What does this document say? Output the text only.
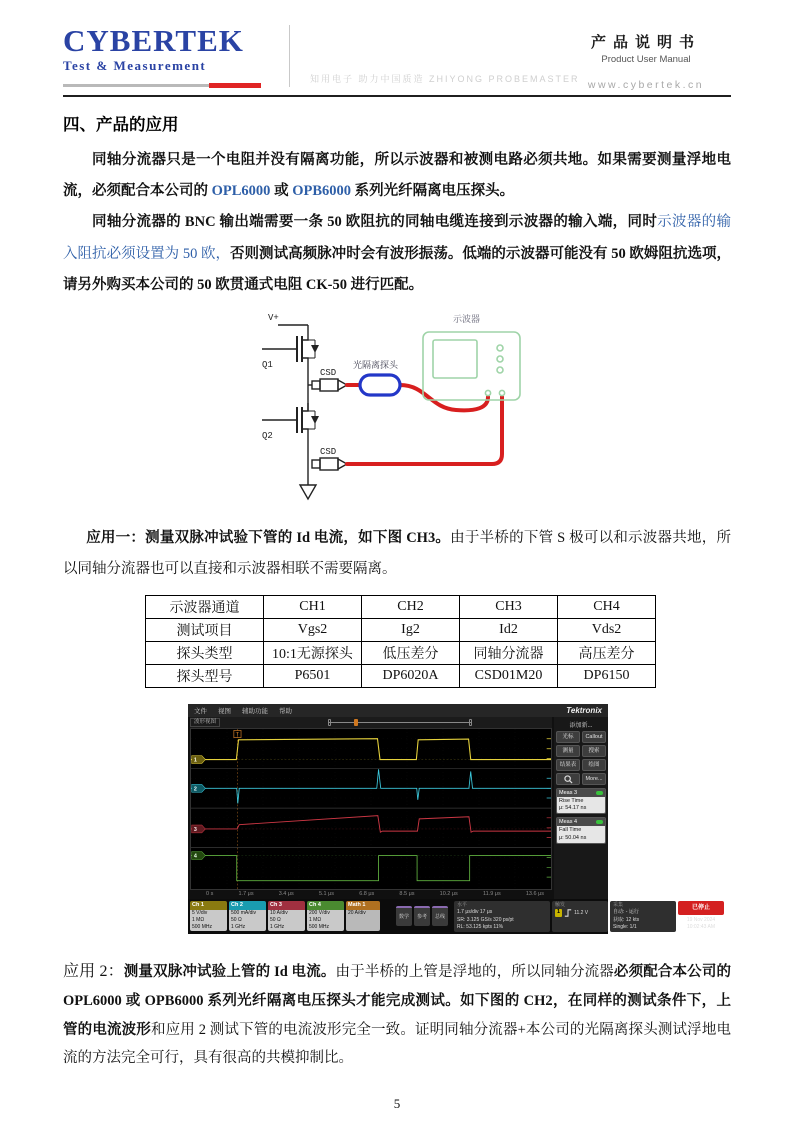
CYBERTEK
Test & Measurement
知用电子 助力中国质造 ZHIYONG PROBEMASTER
产品说明书
Product User Manual
www.cybertek.cn
四、产品的应用

同轴分流器只是一个电阻并没有隔离功能，所以示波器和被测电路必须共地。如果需要测量浮地电流，必须配合本公司的 OPL6000 或 OPB6000 系列光纤隔离电压探头。

同轴分流器的 BNC 输出端需要一条 50 欧阻抗的同轴电缆连接到示波器的输入端，同时示波器的输入阻抗必须设置为 50 欧，否则测试高频脉冲时会有波形振荡。低端的示波器可能没有 50 欧姆阻抗选项，请另外购买本公司的 50 欧贯通式电阻 CK-50 进行匹配。

V+
Q1
Q2
CSD
CSD
光隔离探头
示波器

应用一：测量双脉冲试验下管的 Id 电流，如下图 CH3。由于半桥的下管 S 极可以和示波器共地，所以同轴分流器也可以直接和示波器相联不需要隔离。

示波器通道	CH1	CH2	CH3	CH4
测试项目	Vgs2	Ig2	Id2	Vds2
探头类型	10:1无源探头	低压差分	同轴分流器	高压差分
探头型号	P6501	DP6020A	CSD01M20	DP6150
文件 视图 辅助功能 帮助	Tektronix
波形视图
T
1
2
3
4
0 s	1.7 μs	3.4 μs	5.1 μs	6.8 μs	8.5 μs	10.2 μs	11.9 μs	13.6 μs
添加新...
光标	Callout
测量	搜索
结果表	绘图
More...
Meas 3
Rise Time
μ: 54.17 ns
Meas 4
Fall Time
μ: 50.04 ns
Ch 1
5 V/div
1 MΩ
500 MHz
Ch 2
500 mA/div
50 Ω
1 GHz
Ch 3
10 A/div
50 Ω
1 GHz
Ch 4
200 V/div
1 MΩ
500 MHz
Math 1
20 A/div
数学	参考	总线
水平
1.7 μs/div 17 μs
SR: 3.125 GS/s 320 ps/pt
RL: 53.125 kpts 11%
触发
1	11.2 V
采集
自动: - 运行
获取: 12 kts
Single: 1/1
已停止
19 Nov 2024
10:02:43 AM

应用 2：测量双脉冲试验上管的 Id 电流。由于半桥的上管是浮地的，所以同轴分流器必须配合本公司的 OPL6000 或 OPB6000 系列光纤隔离电压探头才能完成测试。如下图的 CH2，在同样的测试条件下，上管的电流波形和应用 2 测试下管的电流波形完全一致。证明同轴分流器+本公司的光隔离探头测试浮地电流的方法完全可行，具有很高的共模抑制比。

5
